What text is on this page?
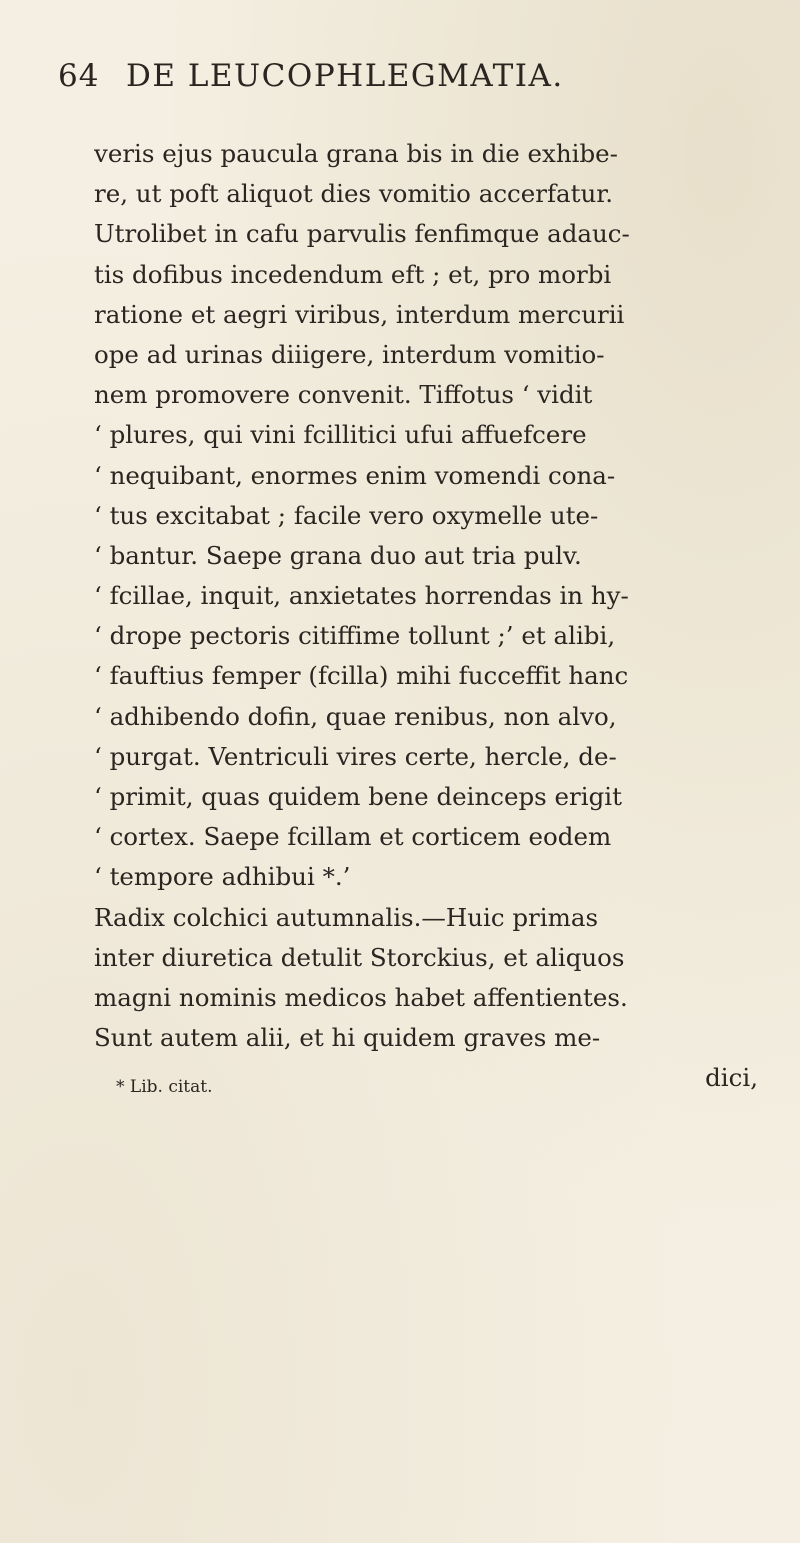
64 DE LEUCOPHLEGMATIA.
veris ejus paucula grana bis in die exhibe-
re, ut poft aliquot dies vomitio accerfatur.
Utrolibet in cafu parvulis fenfimque adauc-
tis dofibus incedendum eft ; et, pro morbi
ratione et aegri viribus, interdum mercurii
ope ad urinas diiigere, interdum vomitio-
nem promovere convenit. Tiffotus ‘ vidit
‘ plures, qui vini fcillitici ufui affuefcere
‘ nequibant, enormes enim vomendi cona-
‘ tus excitabat ; facile vero oxymelle ute-
‘ bantur. Saepe grana duo aut tria pulv.
‘ fcillae, inquit, anxietates horrendas in hy-
‘ drope pectoris citiffime tollunt ;’ et alibi,
‘ fauftius femper (fcilla) mihi fucceffit hanc
‘ adhibendo dofin, quae renibus, non alvo,
‘ purgat. Ventriculi vires certe, hercle, de-
‘ primit, quas quidem bene deinceps erigit
‘ cortex. Saepe fcillam et corticem eodem
‘ tempore adhibui *.’
Radix colchici autumnalis.—Huic primas
inter diuretica detulit Storckius, et aliquos
magni nominis medicos habet affentientes.
Sunt autem alii, et hi quidem graves me-
dici,
* Lib. citat.
